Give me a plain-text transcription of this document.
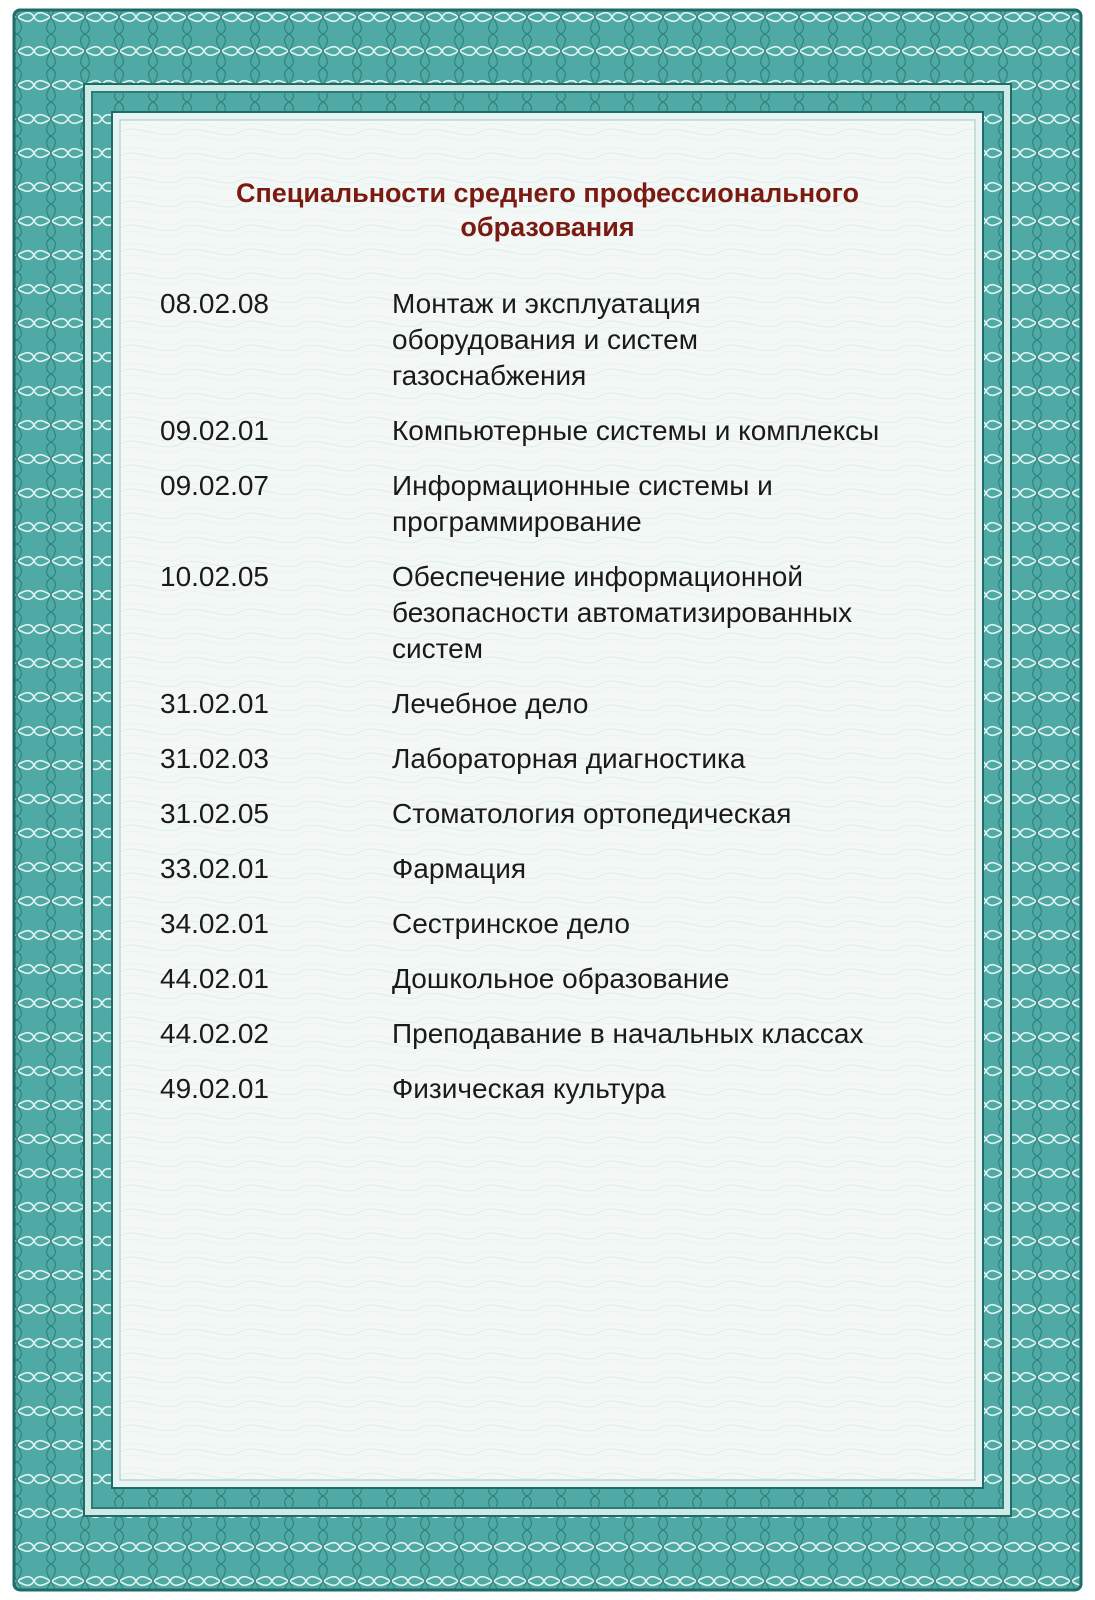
Специальности среднего профессионального
образования
08.02.08	Монтаж и эксплуатация оборудования и систем газоснабжения
09.02.01	Компьютерные системы и комплексы
09.02.07	Информационные системы и программирование
10.02.05	Обеспечение информационной безопасности автоматизированных систем
31.02.01	Лечебное дело
31.02.03	Лабораторная диагностика
31.02.05	Стоматология ортопедическая
33.02.01	Фармация
34.02.01	Сестринское дело
44.02.01	Дошкольное образование
44.02.02	Преподавание в начальных классах
49.02.01	Физическая культура
